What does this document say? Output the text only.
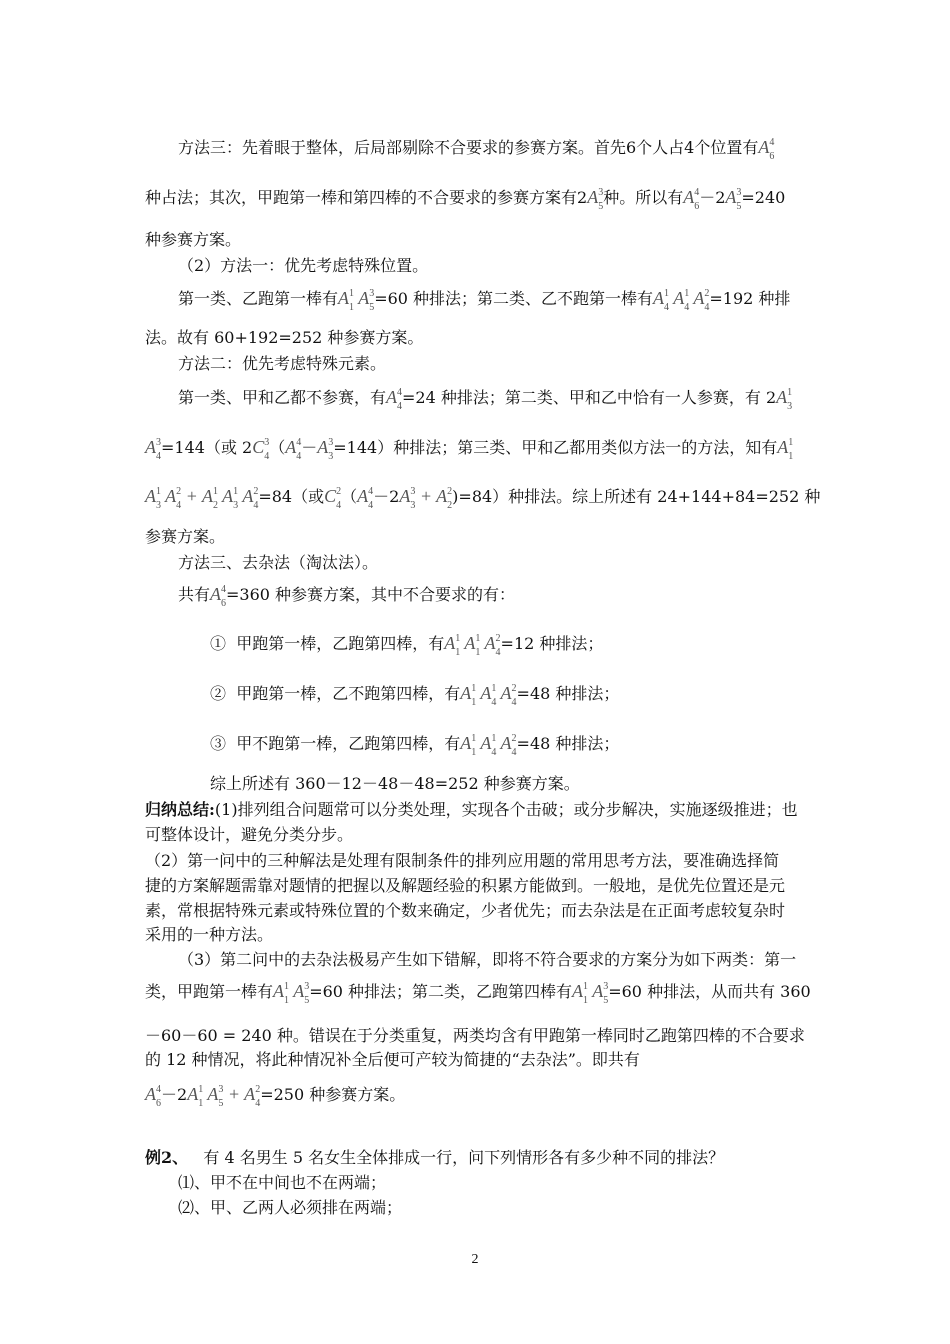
方法三：先着眼于整体，后局部剔除不合要求的参赛方案。首先6个人占4个位置有$A^4_6$
种占法；其次，甲跑第一棒和第四棒的不合要求的参赛方案有$2A^3_5$种。所以有$A^4_6-2A^3_5=240$
种参赛方案。
（2）方法一：优先考虑特殊位置。
第一类、乙跑第一棒有$A^1_1$ $A^3_5=60$ 种排法；第二类、乙不跑第一棒有$A^1_4$ $A^1_4$ $A^2_4=192$ 种排
法。故有 60+192=252 种参赛方案。
方法二：优先考虑特殊元素。
第一类、甲和乙都不参赛，有$A^4_4=24$ 种排法；第二类、甲和乙中恰有一人参赛，有 $2A^1_3$
$A^3_4=144$（或 $2C^3_4(A^4_4-A^3_3=144)$种排法；第三类、甲和乙都用类似方法一的方法，知有$A^1_1$
$A^1_3$ $A^2_4 + A^1_2$ $A^1_3$ $A^2_4=84$（或$C^2_4(A^4_4-2A^3_3 + A^2_2)=84$）种排法。综上所述有 24+144+84=252 种
参赛方案。
方法三、去杂法（淘汰法）。
共有$A^4_6=360$ 种参赛方案，其中不合要求的有：
① 甲跑第一棒，乙跑第四棒，有$A^1_1$ $A^1_1$ $A^2_4=12$ 种排法；
② 甲跑第一棒，乙不跑第四棒，有$A^1_1$ $A^1_4$ $A^2_4=48$ 种排法；
③ 甲不跑第一棒，乙跑第四棒，有$A^1_1$ $A^1_4$ $A^2_4=48$ 种排法；
综上所述有 360－12－48－48=252 种参赛方案。
归纳总结:(1)排列组合问题常可以分类处理，实现各个击破；或分步解决，实施逐级推进；也
可整体设计，避免分类分步。
（2）第一问中的三种解法是处理有限制条件的排列应用题的常用思考方法，要准确选择简
捷的方案解题需靠对题情的把握以及解题经验的积累方能做到。一般地，是优先位置还是元
素，常根据特殊元素或特殊位置的个数来确定，少者优先；而去杂法是在正面考虑较复杂时
采用的一种方法。
（3）第二问中的去杂法极易产生如下错解，即将不符合要求的方案分为如下两类：第一
类，甲跑第一棒有$A^1_1$ $A^3_5=60$ 种排法；第二类，乙跑第四棒有$A^1_1$ $A^3_5=60$ 种排法，从而共有 360
－60－60 = 240 种。错误在于分类重复，两类均含有甲跑第一棒同时乙跑第四棒的不合要求
的 12 种情况，将此种情况补全后便可产较为简捷的“去杂法”。即共有
$A^4_6-2A^1_1$ $A^3_5 + A^2_4=250$ 种参赛方案。
例2、 有 4 名男生 5 名女生全体排成一行，问下列情形各有多少种不同的排法？
⑴、甲不在中间也不在两端；
⑵、甲、乙两人必须排在两端；
2
